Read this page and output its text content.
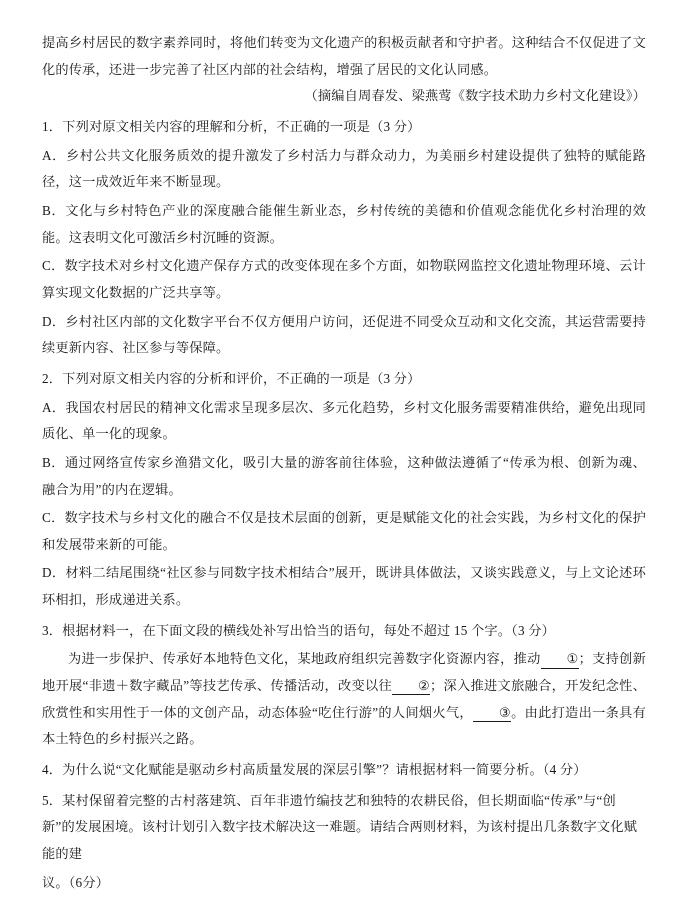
提高乡村居民的数字素养同时，将他们转变为文化遗产的积极贡献者和守护者。这种结合不仅促进了文化的传承，还进一步完善了社区内部的社会结构，增强了居民的文化认同感。

（摘编自周春发、梁燕莺《数字技术助力乡村文化建设》）

1．下列对原文相关内容的理解和分析，不正确的一项是（3 分）

A．乡村公共文化服务质效的提升激发了乡村活力与群众动力，为美丽乡村建设提供了独特的赋能路径，这一成效近年来不断显现。

B．文化与乡村特色产业的深度融合能催生新业态，乡村传统的美德和价值观念能优化乡村治理的效能。这表明文化可激活乡村沉睡的资源。

C．数字技术对乡村文化遗产保存方式的改变体现在多个方面，如物联网监控文化遗址物理环境、云计算实现文化数据的广泛共享等。

D．乡村社区内部的文化数字平台不仅方便用户访问，还促进不同受众互动和文化交流，其运营需要持续更新内容、社区参与等保障。

2．下列对原文相关内容的分析和评价，不正确的一项是（3 分）

A．我国农村居民的精神文化需求呈现多层次、多元化趋势，乡村文化服务需要精准供给，避免出现同质化、单一化的现象。

B．通过网络宣传家乡渔猎文化，吸引大量的游客前往体验，这种做法遵循了“传承为根、创新为魂、融合为用”的内在逻辑。

C．数字技术与乡村文化的融合不仅是技术层面的创新，更是赋能文化的社会实践，为乡村文化的保护和发展带来新的可能。

D．材料二结尾围绕“社区参与同数字技术相结合”展开，既讲具体做法，又谈实践意义，与上文论述环环相扣，形成递进关系。

3．根据材料一，在下面文段的横线处补写出恰当的语句，每处不超过 15 个字。（3 分）

为进一步保护、传承好本地特色文化，某地政府组织完善数字化资源内容，推动 ①；支持创新地开展“非遗＋数字藏品”等技艺传承、传播活动，改变以往 ②；深入推进文旅融合，开发纪念性、欣赏性和实用性于一体的文创产品，动态体验“吃住行游”的人间烟火气， ③。由此打造出一条具有本土特色的乡村振兴之路。

4．为什么说“文化赋能是驱动乡村高质量发展的深层引擎”？请根据材料一简要分析。（4 分）

5．某村保留着完整的古村落建筑、百年非遗竹编技艺和独特的农耕民俗，但长期面临“传承”与“创新”的发展困境。该村计划引入数字技术解决这一难题。请结合两则材料，为该村提出几条数字文化赋能的建

议。（6分）
